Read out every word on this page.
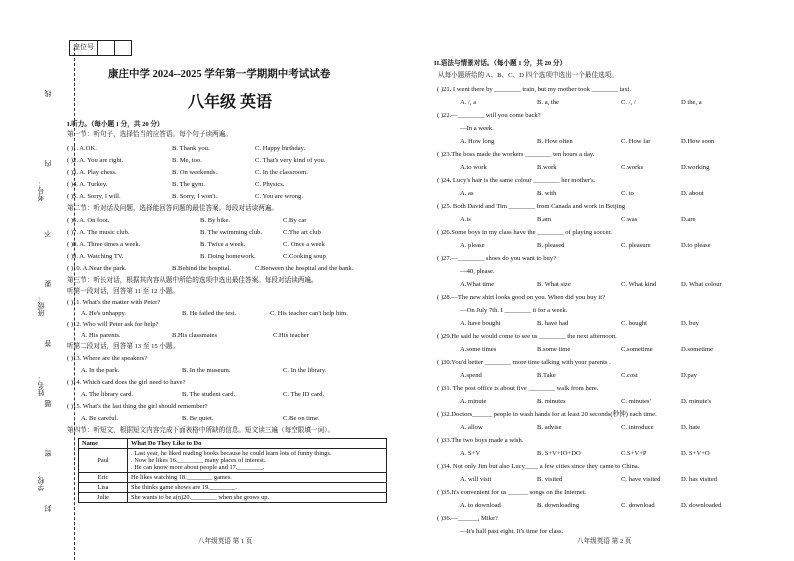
考号：
班级：
姓名：
学校：
线
内
不
要
答
题
密
封
座位号
康庄中学 2024--2025 学年第一学期期中考试试卷
八年级 英语
I.听力。（每小题 1 分，共 20 分）
第一节：听句子，选择恰当的应答语。每个句子读两遍。
( )1. A.OK.	B. Thank you.	C. Happy birthday.
( )2. A. You are right.	B. Me, too.	C. That's very kind of you.
( )3. A. Play chess.	B. On weekends.	C. In the classroom.
( )4. A. Turkey.	B. The gym.	C. Physics.
( )5. A. Sorry, I will.	B. Sorry, I won't.	C. You are wrong.
第二节：听对话及问题，选择能回答问题的最佳答案。每段对话读两遍。
( )6. A. On foot.	B. By bike.	C.By car
( )7. A. The music club.	B. The swimming club.	C.The art club
( )8. A. Three times a week.	B. Twice a week.	C. Once a week
( )9. A. Watching TV.	B. Doing homework.	C.Cooking soup
( )10. A.Near the park.	B.Behind the hospital.	C.Between the hospital and the bank.
第三节：听长对话，根据其内容从题中所给的选项中选出最佳答案。每段对话读两遍。
听第一段对话，回答第 11 至 12 小题。
( )11. What's the matter with Peter?
A. He's unhappy.	B. He failed the test.	C. His teacher can't help him.
( )12. Who will Peter ask for help?
A. His parents.	B.His classmates	C.His teacher
听第二段对话，回答第 13 至 15 小题。
( )13. Where are the speakers?
A. In the park.	B. In the museum.	C. In the library.
( )14. Which card does the girl need to have?
A. The library card.	B. The student card.	C. The ID card.
( )15. What's the last thing the girl should remember?
A. Be careful.	B. Be quiet.	C.Be on time.
第四节：听短文，根据短文内容完成下面表格中所缺的信息。短文读三遍（每空限填一词）。
Name	What Do They Like to Do
Paul	. Last year, he liked reading books because he could learn lots of funny things.
. Now he likes 16.________ many places of interest.
. He can know more about people and 17.________.

Eric	He likes watching 18.________ games.
Lisa	She thinks game shows are 19.________.
Julie	She wants to be a(n)20.________ when she grows up.
八年级英语 第 1 页
II.语法与情景对话。（每小题 1 分，共 20 分）
从每小题所给的 A、B、C、D 四个选项中选出一个最佳选项。
( )21. I went there by ________ train, but my mother took ________ taxi.
A. /, a	B. a, the	C. /, /	D the, a
( )22.—________ will you come back?
—In a week.
A. How long	B. How often	C. How far	D.How soon
( )23.The boss made the workers ________ ten hours a day.
A.to work	B.work	C.works	D.working
( )24. Lucy's hair is the same colour ________ her mother's.
A. as	B. with	C. to	D. about
( )25. Both David and Tim ________ from Canada and work in Beijing
A.is	B.am	C.was	D.are
( )26.Some boys in my class have the ________ of playing soccer.
A. please	B. pleased	C. pleasure	D.to please
( )27.—________ shoes do you want to buy?
—40, please.
A.What time	B. What size	C. What kind	D. What colour
( )28.—The new shirt looks good on you. When did you buy it?
—On July 7th. I ________ it for a week.
A. have bought	B. have had	C. bought	D. buy
( )29.He said he would come to see us ________ the next afternoon.
A.some times	B.some time	C.sometime	D.sometime
( )30.You'd better ________ more time talking with your parents .
A.spend	B.Take	C.cost	D.pay
( )31. The post office is about five ________ walk from here.
A. minute	B. minutes	C. minutes'	D. minute's
( )32.Doctors______ people to wash hands for at least 20 seconds(秒钟) each time.
A. allow	B. advise	C. introduce	D. hate
( )33.The two boys made a wish.
A. S+V	B. S+V+IO+DO	C.S+V+P	D. S+V+O
( )34. Not only Jim but also Lucy____ a few cities since they came to China.
A. will visit	B. visited	C. have visited	D. has visited
( )35.It's convenient for us ______ songs on the Internet.
A. to download	B. downloading	C. download	D. downloaded
( )36.—______, Mike?
—It's half past eight. It's time for class.
八年级英语 第 2 页
